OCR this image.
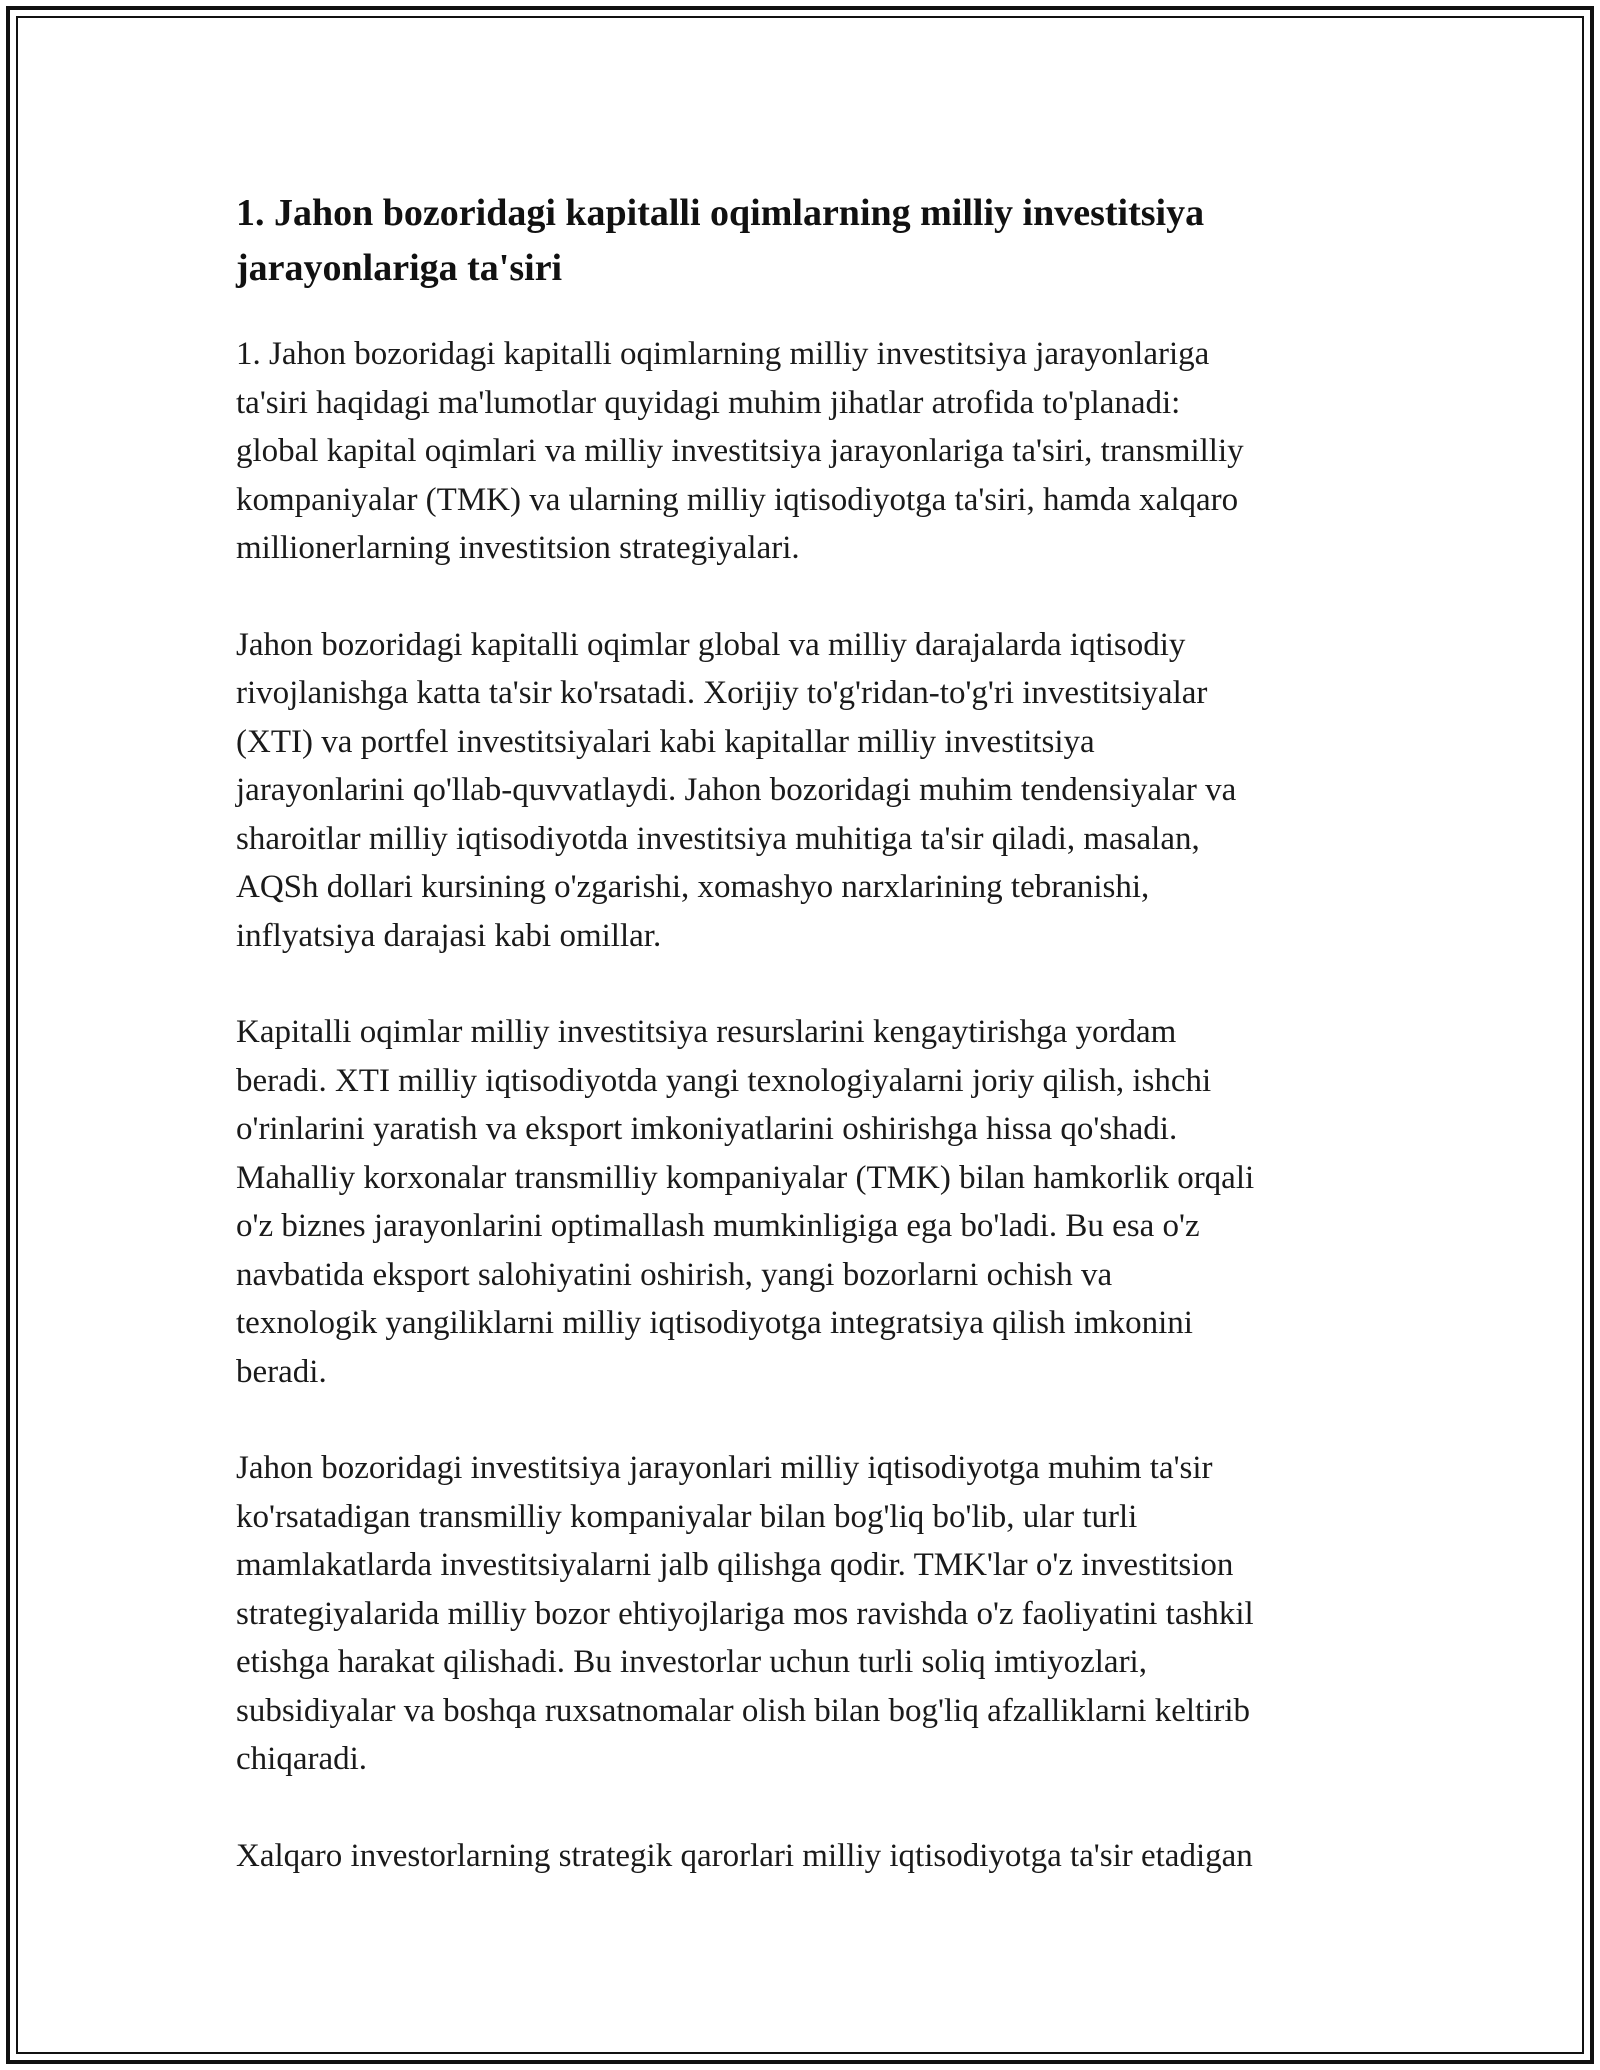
1. Jahon bozoridagi kapitalli oqimlarning milliy investitsiya jarayonlariga ta'siri

1. Jahon bozoridagi kapitalli oqimlarning milliy investitsiya jarayonlariga
ta'siri haqidagi ma'lumotlar quyidagi muhim jihatlar atrofida to'planadi:
global kapital oqimlari va milliy investitsiya jarayonlariga ta'siri, transmilliy
kompaniyalar (TMK) va ularning milliy iqtisodiyotga ta'siri, hamda xalqaro
millionerlarning investitsion strategiyalari.

Jahon bozoridagi kapitalli oqimlar global va milliy darajalarda iqtisodiy
rivojlanishga katta ta'sir ko'rsatadi. Xorijiy to'g'ridan-to'g'ri investitsiyalar
(XTI) va portfel investitsiyalari kabi kapitallar milliy investitsiya
jarayonlarini qo'llab-quvvatlaydi. Jahon bozoridagi muhim tendensiyalar va
sharoitlar milliy iqtisodiyotda investitsiya muhitiga ta'sir qiladi, masalan,
AQSh dollari kursining o'zgarishi, xomashyo narxlarining tebranishi,
inflyatsiya darajasi kabi omillar.

Kapitalli oqimlar milliy investitsiya resurslarini kengaytirishga yordam
beradi. XTI milliy iqtisodiyotda yangi texnologiyalarni joriy qilish, ishchi
o'rinlarini yaratish va eksport imkoniyatlarini oshirishga hissa qo'shadi.
Mahalliy korxonalar transmilliy kompaniyalar (TMK) bilan hamkorlik orqali
o'z biznes jarayonlarini optimallash mumkinligiga ega bo'ladi. Bu esa o'z
navbatida eksport salohiyatini oshirish, yangi bozorlarni ochish va
texnologik yangiliklarni milliy iqtisodiyotga integratsiya qilish imkonini
beradi.

Jahon bozoridagi investitsiya jarayonlari milliy iqtisodiyotga muhim ta'sir
ko'rsatadigan transmilliy kompaniyalar bilan bog'liq bo'lib, ular turli
mamlakatlarda investitsiyalarni jalb qilishga qodir. TMK'lar o'z investitsion
strategiyalarida milliy bozor ehtiyojlariga mos ravishda o'z faoliyatini tashkil
etishga harakat qilishadi. Bu investorlar uchun turli soliq imtiyozlari,
subsidiyalar va boshqa ruxsatnomalar olish bilan bog'liq afzalliklarni keltirib
chiqaradi.

Xalqaro investorlarning strategik qarorlari milliy iqtisodiyotga ta'sir etadigan
